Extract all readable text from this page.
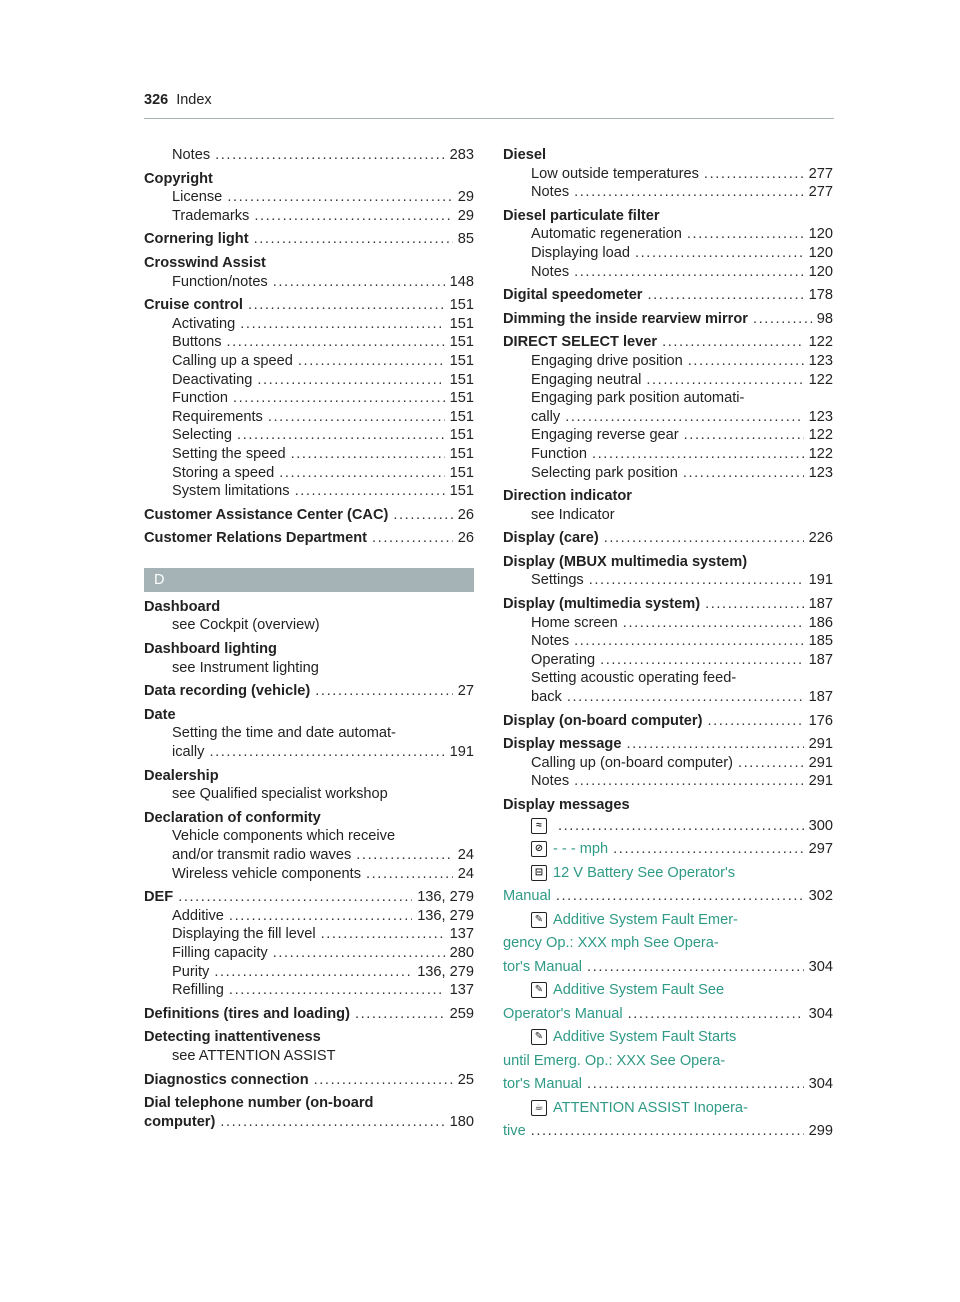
326 Index
Notes .....	283
Copyright
License .....	29
Trademarks .....	29
Cornering light .....	85
Crosswind Assist
Function/notes .....	148
Cruise control .....	151
Activating .....	151
Buttons .....	151
Calling up a speed .....	151
Deactivating .....	151
Function .....	151
Requirements .....	151
Selecting .....	151
Setting the speed .....	151
Storing a speed .....	151
System limitations .....	151
Customer Assistance Center (CAC) .....	26
Customer Relations Department .....	26
D
Dashboard
see Cockpit (overview)
Dashboard lighting
see Instrument lighting
Data recording (vehicle) .....	27
Date
Setting the time and date automat-
ically .....	191
Dealership
see Qualified specialist workshop
Declaration of conformity
Vehicle components which receive
and/or transmit radio waves .....	24
Wireless vehicle components .....	24
DEF .....	136, 279
Additive .....	136, 279
Displaying the fill level .....	137
Filling capacity .....	280
Purity .....	136, 279
Refilling .....	137
Definitions (tires and loading) .....	259
Detecting inattentiveness
see ATTENTION ASSIST
Diagnostics connection .....	25
Dial telephone number (on-board
computer) .....	180
Diesel
Low outside temperatures .....	277
Notes .....	277
Diesel particulate filter
Automatic regeneration .....	120
Displaying load .....	120
Notes .....	120
Digital speedometer .....	178
Dimming the inside rearview mirror .....	98
DIRECT SELECT lever .....	122
Engaging drive position .....	123
Engaging neutral .....	122
Engaging park position automati-
cally .....	123
Engaging reverse gear .....	122
Function .....	122
Selecting park position .....	123
Direction indicator
see Indicator
Display (care) .....	226
Display (MBUX multimedia system)
Settings .....	191
Display (multimedia system) .....	187
Home screen .....	186
Notes .....	185
Operating .....	187
Setting acoustic operating feed-
back .....	187
Display (on-board computer) .....	176
Display message .....	291
Calling up (on-board computer) .....	291
Notes .....	291
Display messages
≈ .....	300
⊘ - - - mph .....	297
⊟ 12 V Battery See Operator's
Manual .....	302
✎ Additive System Fault Emer-
gency Op.: XXX mph See Opera-
tor's Manual .....	304
✎ Additive System Fault See
Operator's Manual .....	304
✎ Additive System Fault Starts
until Emerg. Op.: XXX See Opera-
tor's Manual .....	304
☕ ATTENTION ASSIST Inopera-
tive .....	299
